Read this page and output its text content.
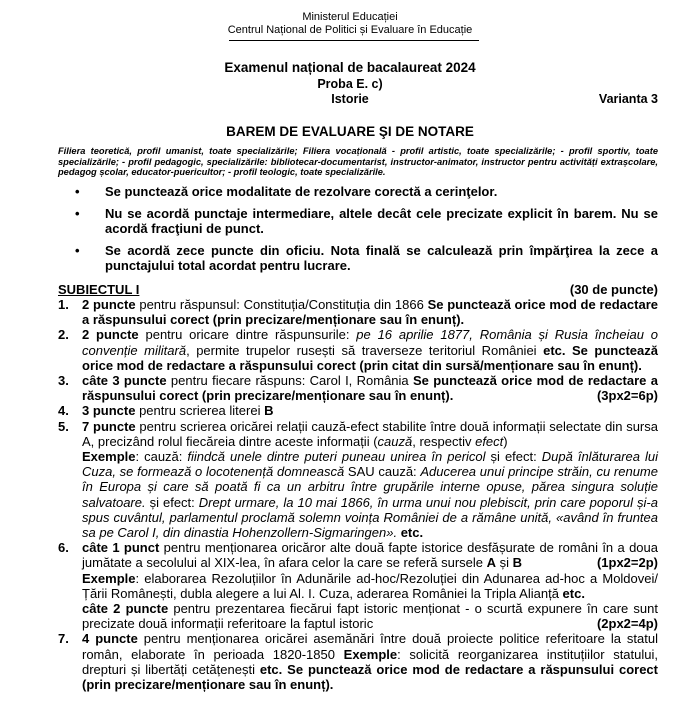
Ministerul Educației
Centrul Național de Politici și Evaluare în Educație
Examenul național de bacalaureat 2024
Proba E. c)
Istorie	Varianta 3
BAREM DE EVALUARE ŞI DE NOTARE
Filiera teoretică, profil umanist, toate specializările; Filiera vocațională - profil artistic, toate specializările; - profil sportiv, toate specializările; - profil pedagogic, specializările: bibliotecar-documentarist, instructor-animator, instructor pentru activități extrașcolare, pedagog școlar, educator-puericultor; - profil teologic, toate specializările.
• Se punctează orice modalitate de rezolvare corectă a cerinţelor.
• Nu se acordă punctaje intermediare, altele decât cele precizate explicit în barem. Nu se acordă fracţiuni de punct.
• Se acordă zece puncte din oficiu. Nota finală se calculează prin împărţirea la zece a punctajului total acordat pentru lucrare.
SUBIECTUL I	(30 de puncte)
1. 2 puncte pentru răspunsul: Constituția/Constituția din 1866 Se punctează orice mod de redactare a răspunsului corect (prin precizare/menționare sau în enunț).
2. 2 puncte pentru oricare dintre răspunsurile: pe 16 aprilie 1877, România și Rusia încheiau o convenție militară, permite trupelor rusești să traverseze teritoriul României etc. Se punctează orice mod de redactare a răspunsului corect (prin citat din sursă/menționare sau în enunț).
3. câte 3 puncte pentru fiecare răspuns: Carol I, România Se punctează orice mod de redactare a răspunsului corect (prin precizare/menționare sau în enunț).	(3px2=6p)
4. 3 puncte pentru scrierea literei B
5. 7 puncte pentru scrierea oricărei relații cauză-efect stabilite între două informații selectate din sursa A, precizând rolul fiecăreia dintre aceste informații (cauză, respectiv efect)
Exemple: cauză: fiindcă unele dintre puteri puneau unirea în pericol și efect: După înlăturarea lui Cuza, se formează o locotenență domnească SAU cauză: Aducerea unui principe străin, cu renume în Europa și care să poată fi ca un arbitru între grupările interne opuse, părea singura soluție salvatoare. și efect: Drept urmare, la 10 mai 1866, în urma unui nou plebiscit, prin care poporul și-a spus cuvântul, parlamentul proclamă solemn voința României de a rămâne unită, «având în fruntea sa pe Carol I, din dinastia Hohenzollern-Sigmaringen». etc.
6. câte 1 punct pentru menționarea oricăror alte două fapte istorice desfășurate de români în a doua jumătate a secolului al XIX-lea, în afara celor la care se referă sursele A și B	(1px2=2p)
Exemple: elaborarea Rezoluțiilor în Adunările ad-hoc/Rezoluției din Adunarea ad-hoc a Moldovei/Țării Românești, dubla alegere a lui Al. I. Cuza, aderarea României la Tripla Alianță etc.
câte 2 puncte pentru prezentarea fiecărui fapt istoric menționat - o scurtă expunere în care sunt precizate două informații referitoare la faptul istoric	(2px2=4p)
7. 4 puncte pentru menționarea oricărei asemănări între două proiecte politice referitoare la statul român, elaborate în perioada 1820-1850 Exemple: solicită reorganizarea instituțiilor statului, drepturi și libertăți cetățenești etc. Se punctează orice mod de redactare a răspunsului corect (prin precizare/menționare sau în enunț).
